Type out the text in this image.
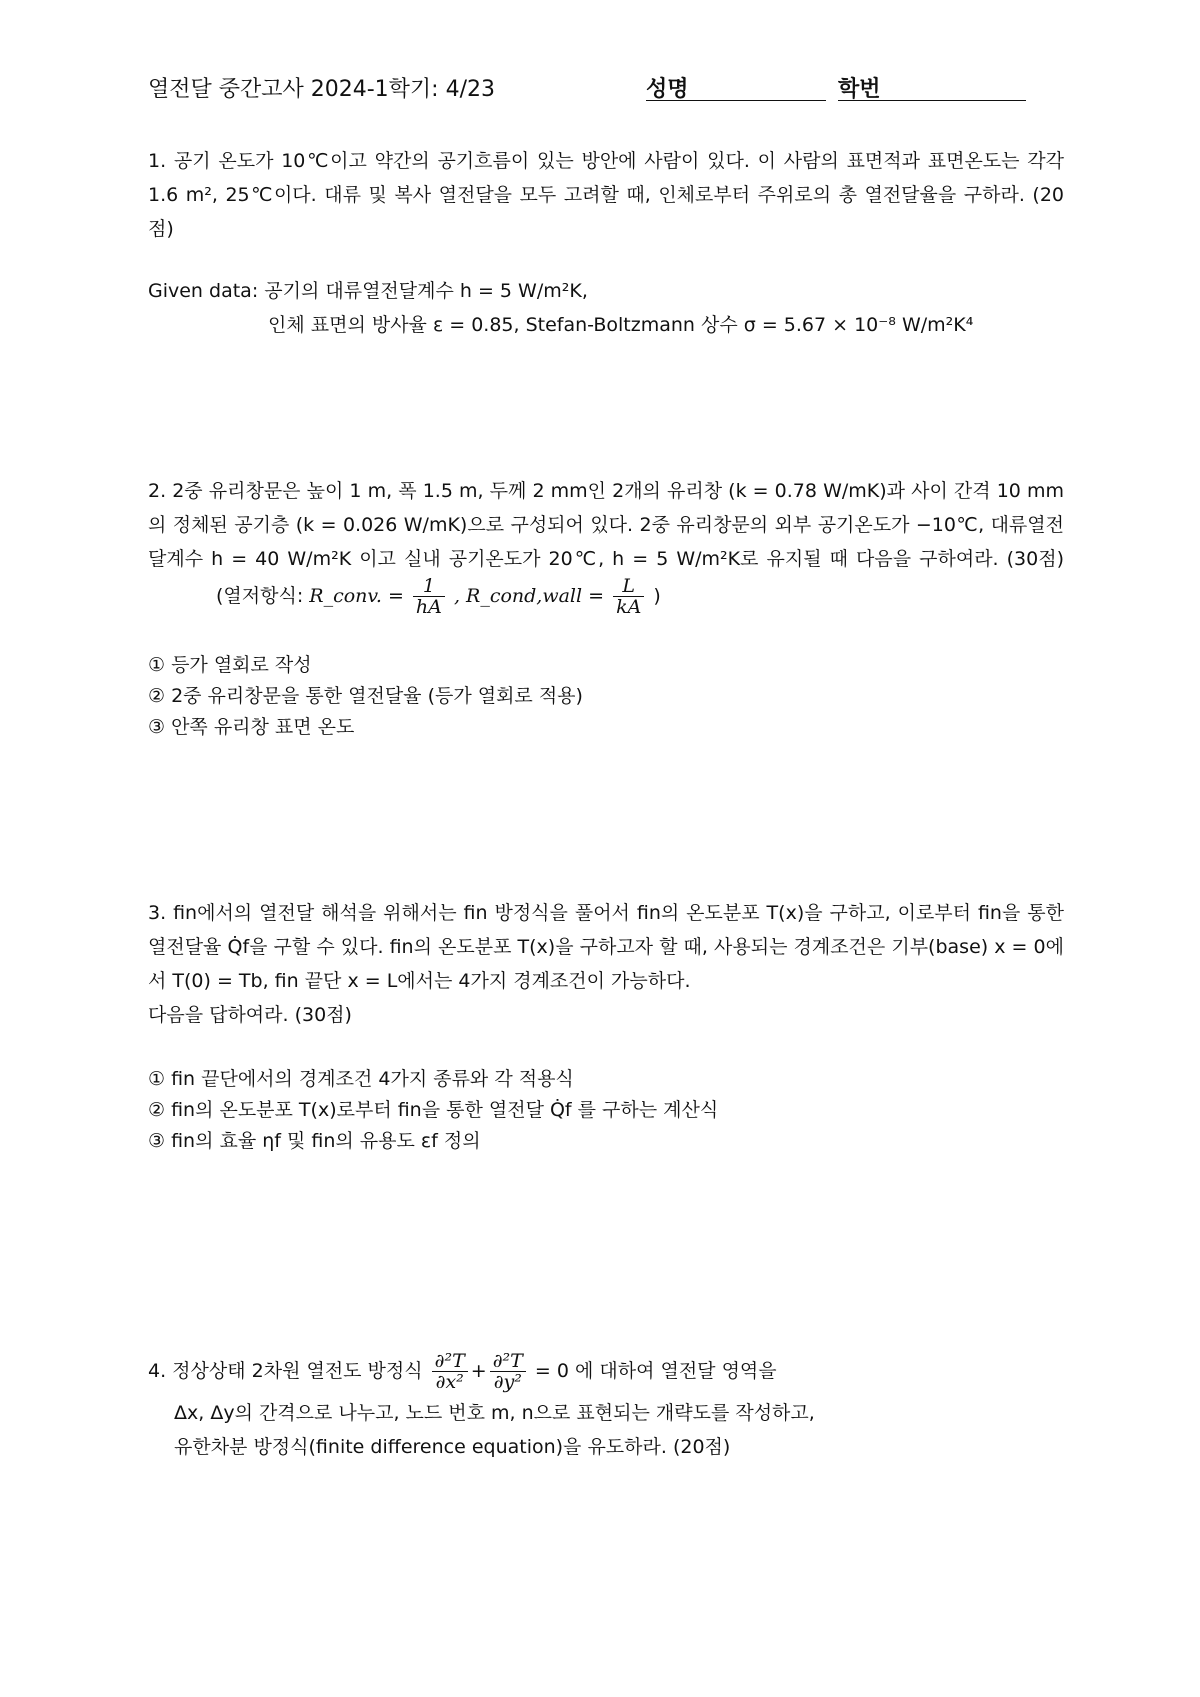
열전달 중간고사 2024-1학기: 4/23	성명	학번
1. 공기 온도가 10℃이고 약간의 공기흐름이 있는 방안에 사람이 있다. 이 사람의 표면적과 표면온도는 각각 1.6 m², 25℃이다. 대류 및 복사 열전달을 모두 고려할 때, 인체로부터 주위로의 총 열전달율을 구하라. (20점)
Given data: 공기의 대류열전달계수 h = 5 W/m²K,
인체 표면의 방사율 ε = 0.85, Stefan-Boltzmann 상수 σ = 5.67 × 10⁻⁸ W/m²K⁴
2. 2중 유리창문은 높이 1 m, 폭 1.5 m, 두께 2 mm인 2개의 유리창 (k = 0.78 W/mK)과 사이 간격 10 mm의 정체된 공기층 (k = 0.026 W/mK)으로 구성되어 있다. 2중 유리창문의 외부 공기온도가 −10℃, 대류열전달계수 h = 40 W/m²K 이고 실내 공기온도가 20℃, h = 5 W/m²K로 유지될 때 다음을 구하여라. (30점) (열저항식: R_conv. = $\frac{1}{hA}$ , R_cond,wall = $\frac{L}{kA}$ )
① 등가 열회로 작성
② 2중 유리창문을 통한 열전달율 (등가 열회로 적용)
③ 안쪽 유리창 표면 온도
3. fin에서의 열전달 해석을 위해서는 fin 방정식을 풀어서 fin의 온도분포 T(x)을 구하고, 이로부터 fin을 통한 열전달율 Q̇f을 구할 수 있다. fin의 온도분포 T(x)을 구하고자 할 때, 사용되는 경계조건은 기부(base) x = 0에서 T(0) = Tb, fin 끝단 x = L에서는 4가지 경계조건이 가능하다.
다음을 답하여라. (30점)
① fin 끝단에서의 경계조건 4가지 종류와 각 적용식
② fin의 온도분포 T(x)로부터 fin을 통한 열전달 Q̇f 를 구하는 계산식
③ fin의 효율 ηf 및 fin의 유용도 εf 정의
4. 정상상태 2차원 열전도 방정식 $\frac{\text{∂²T}}{\text{∂x²}} + \frac{\text{∂²T}}{\text{∂y²}} = 0$ 에 대하여 열전달 영역을
Δx, Δy의 간격으로 나누고, 노드 번호 m, n으로 표현되는 개략도를 작성하고,
유한차분 방정식(finite difference equation)을 유도하라. (20점)
